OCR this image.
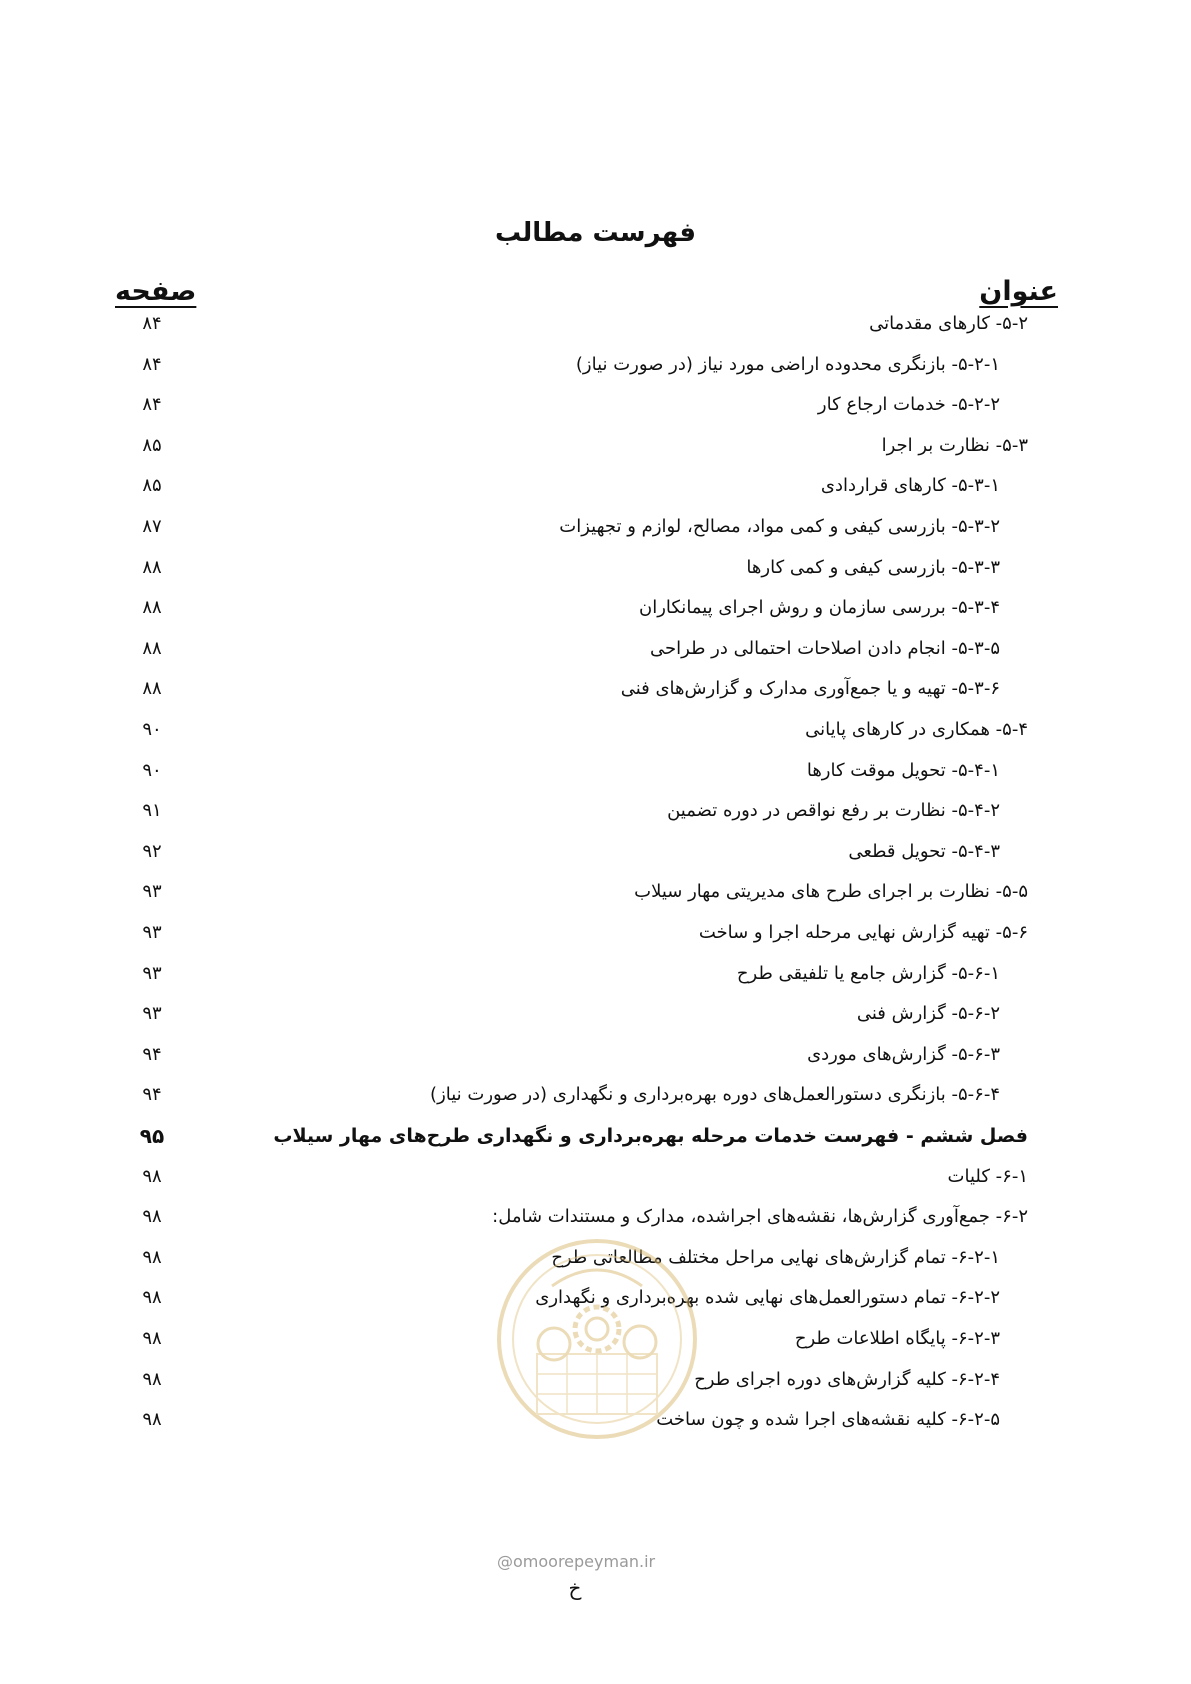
فهرست مطالب
عنوان
صفحه
۵-۲- کارهای مقدماتی
۸۴
۵-۲-۱- بازنگری محدوده اراضی مورد نیاز (در صورت نیاز)
۸۴
۵-۲-۲- خدمات ارجاع کار
۸۴
۵-۳- نظارت بر اجرا
۸۵
۵-۳-۱- کارهای قراردادی
۸۵
۵-۳-۲- بازرسی کیفی و کمی مواد، مصالح، لوازم و تجهیزات
۸۷
۵-۳-۳- بازرسی کیفی و کمی کارها
۸۸
۵-۳-۴- بررسی سازمان و روش اجرای پیمانکاران
۸۸
۵-۳-۵- انجام دادن اصلاحات احتمالی در طراحی
۸۸
۵-۳-۶- تهیه و یا جمع‌آوری مدارک و گزارش‌های فنی
۸۸
۵-۴- همکاری در کارهای پایانی
۹۰
۵-۴-۱- تحویل موقت کارها
۹۰
۵-۴-۲- نظارت بر رفع نواقص در دوره تضمین
۹۱
۵-۴-۳- تحویل قطعی
۹۲
۵-۵- نظارت بر اجرای طرح های مدیریتی مهار سیلاب
۹۳
۵-۶- تهیه گزارش نهایی مرحله اجرا و ساخت
۹۳
۵-۶-۱- گزارش جامع یا تلفیقی طرح
۹۳
۵-۶-۲- گزارش فنی
۹۳
۵-۶-۳- گزارش‌های موردی
۹۴
۵-۶-۴- بازنگری دستورالعمل‌های دوره بهره‌برداری و نگهداری (در صورت نیاز)
۹۴
فصل ششم - فهرست خدمات مرحله بهره‌برداری و نگهداری طرح‌های مهار سیلاب
۹۵
۶-۱- کلیات
۹۸
۶-۲- جمع‌آوری گزارش‌ها، نقشه‌های اجراشده، مدارک و مستندات شامل:
۹۸
۶-۲-۱- تمام گزارش‌های نهایی مراحل مختلف مطالعاتی طرح
۹۸
۶-۲-۲- تمام دستورالعمل‌های نهایی شده بهره‌برداری و نگهداری
۹۸
۶-۲-۳- پایگاه اطلاعات طرح
۹۸
۶-۲-۴- کلیه گزارش‌های دوره اجرای طرح
۹۸
۶-۲-۵- کلیه نقشه‌های اجرا شده و چون ساخت
۹۸
@omoorepeyman.ir
خ
